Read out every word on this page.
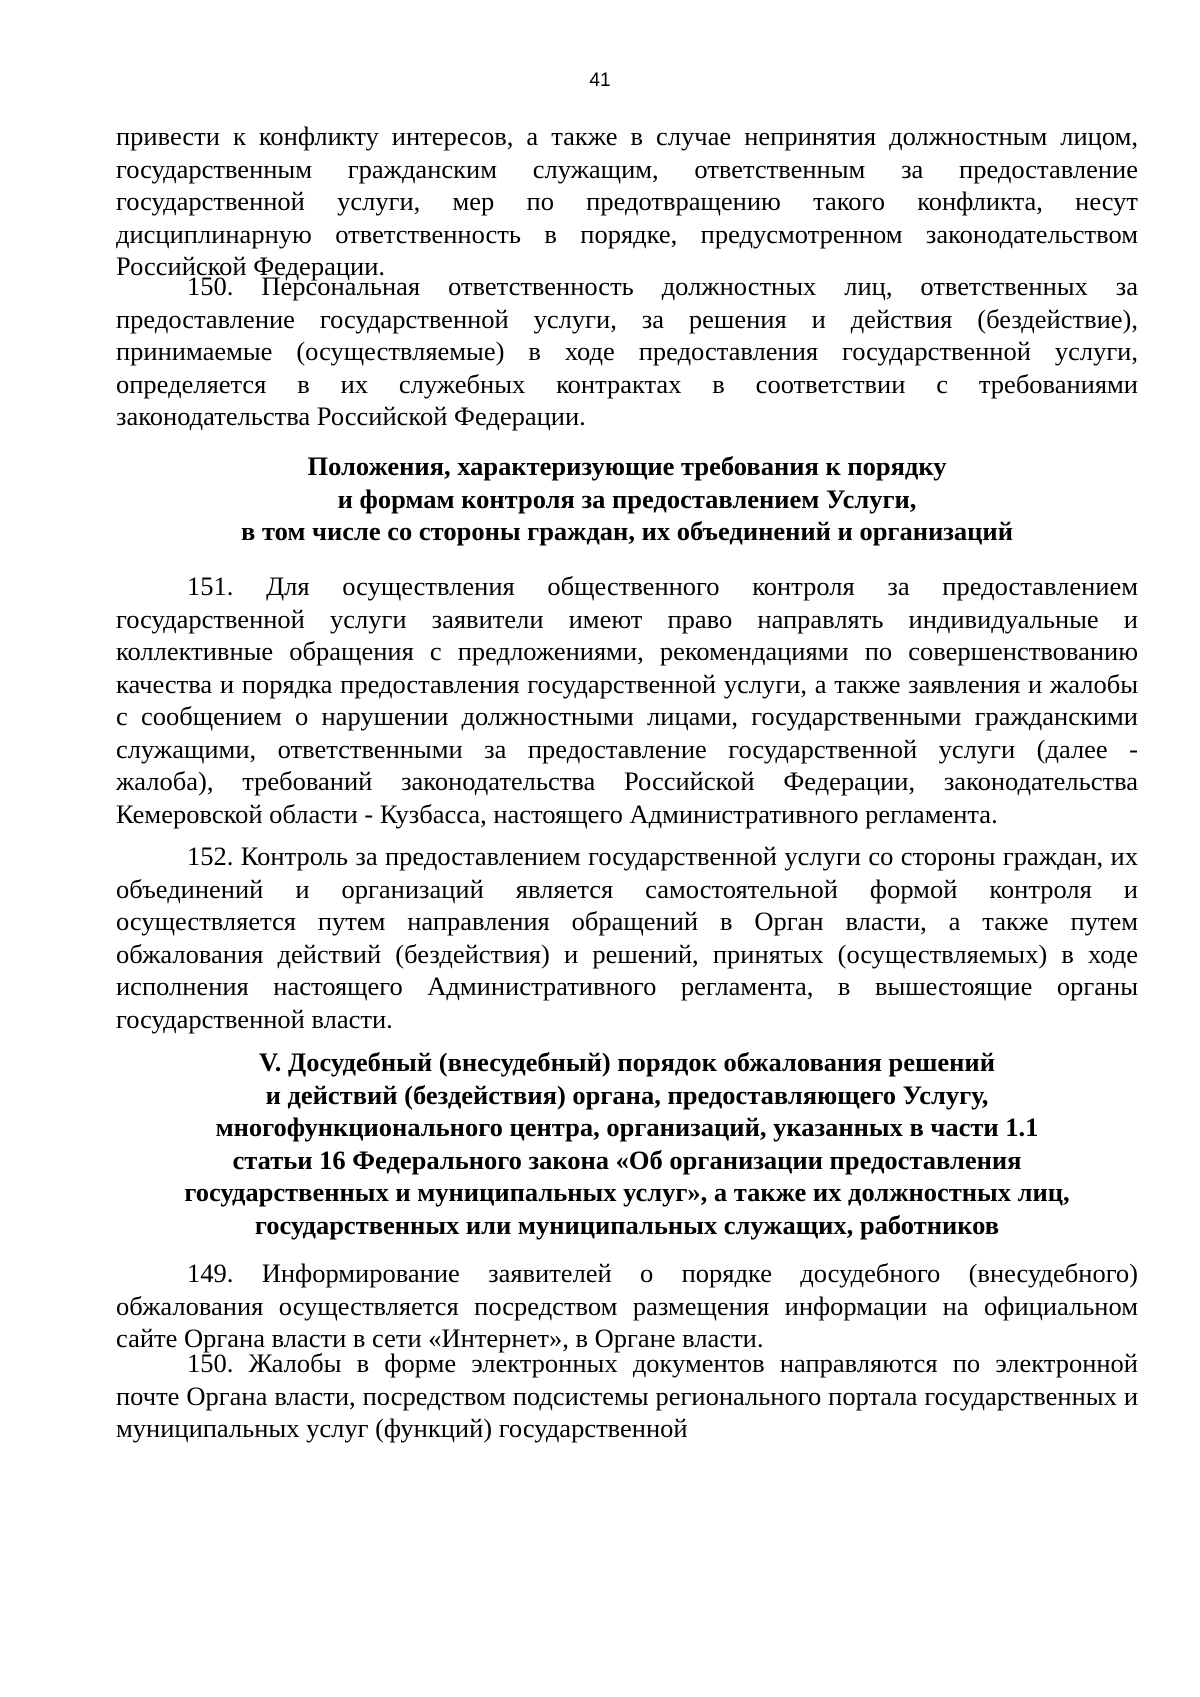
41
привести к конфликту интересов, а также в случае непринятия должностным лицом, государственным гражданским служащим, ответственным за предоставление государственной услуги, мер по предотвращению такого конфликта, несут дисциплинарную ответственность в порядке, предусмотренном законодательством Российской Федерации.
150. Персональная ответственность должностных лиц, ответственных за предоставление государственной услуги, за решения и действия (бездействие), принимаемые (осуществляемые) в ходе предоставления государственной услуги, определяется в их служебных контрактах в соответствии с требованиями законодательства Российской Федерации.
Положения, характеризующие требования к порядку
и формам контроля за предоставлением Услуги,
в том числе со стороны граждан, их объединений и организаций
151. Для осуществления общественного контроля за предоставлением государственной услуги заявители имеют право направлять индивидуальные и коллективные обращения с предложениями, рекомендациями по совершенствованию качества и порядка предоставления государственной услуги, а также заявления и жалобы с сообщением о нарушении должностными лицами, государственными гражданскими служащими, ответственными за предоставление государственной услуги (далее - жалоба), требований законодательства Российской Федерации, законодательства Кемеровской области - Кузбасса, настоящего Административного регламента.
152. Контроль за предоставлением государственной услуги со стороны граждан, их объединений и организаций является самостоятельной формой контроля и осуществляется путем направления обращений в Орган власти, а также путем обжалования действий (бездействия) и решений, принятых (осуществляемых) в ходе исполнения настоящего Административного регламента, в вышестоящие органы государственной власти.
V. Досудебный (внесудебный) порядок обжалования решений
и действий (бездействия) органа, предоставляющего Услугу,
многофункционального центра, организаций, указанных в части 1.1
статьи 16 Федерального закона «Об организации предоставления
государственных и муниципальных услуг», а также их должностных лиц,
государственных или муниципальных служащих, работников
149. Информирование заявителей о порядке досудебного (внесудебного) обжалования осуществляется посредством размещения информации на официальном сайте Органа власти в сети «Интернет», в Органе власти.
150. Жалобы в форме электронных документов направляются по электронной почте Органа власти, посредством подсистемы регионального портала государственных и муниципальных услуг (функций) государственной
